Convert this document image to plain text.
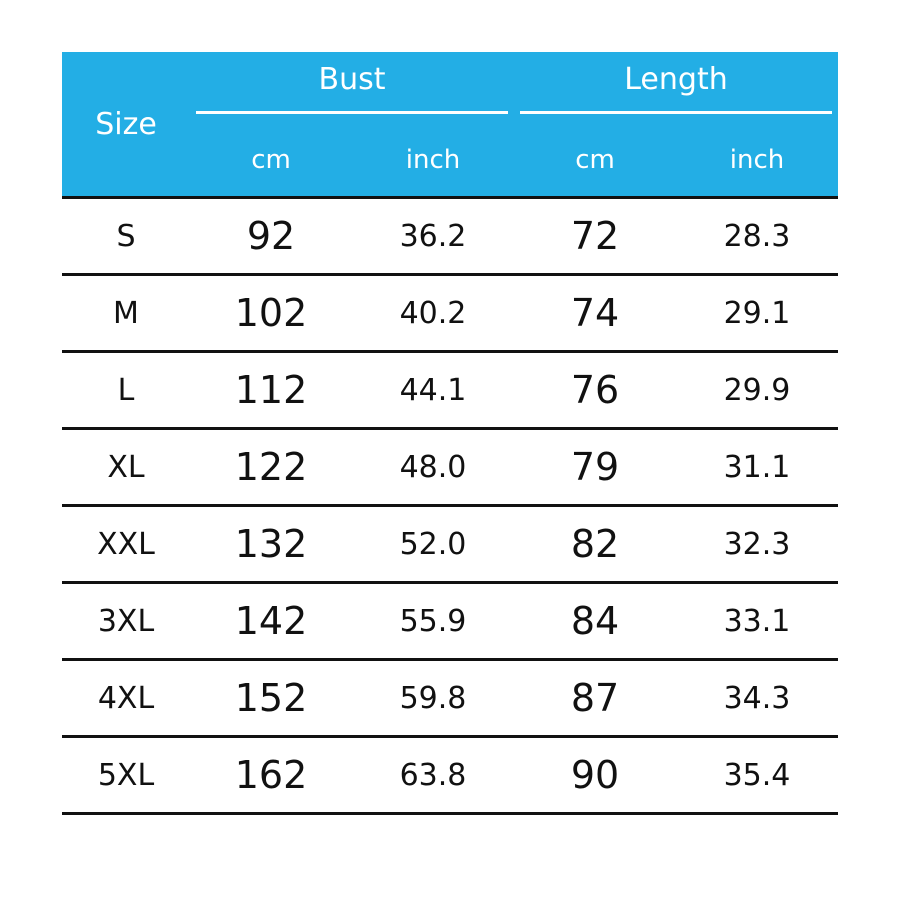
Size	Bust		Length	

	cm	inch	cm	inch
S	92	36.2	72	28.3
M	102	40.2	74	29.1
L	112	44.1	76	29.9
XL	122	48.0	79	31.1
XXL	132	52.0	82	32.3
3XL	142	55.9	84	33.1
4XL	152	59.8	87	34.3
5XL	162	63.8	90	35.4
